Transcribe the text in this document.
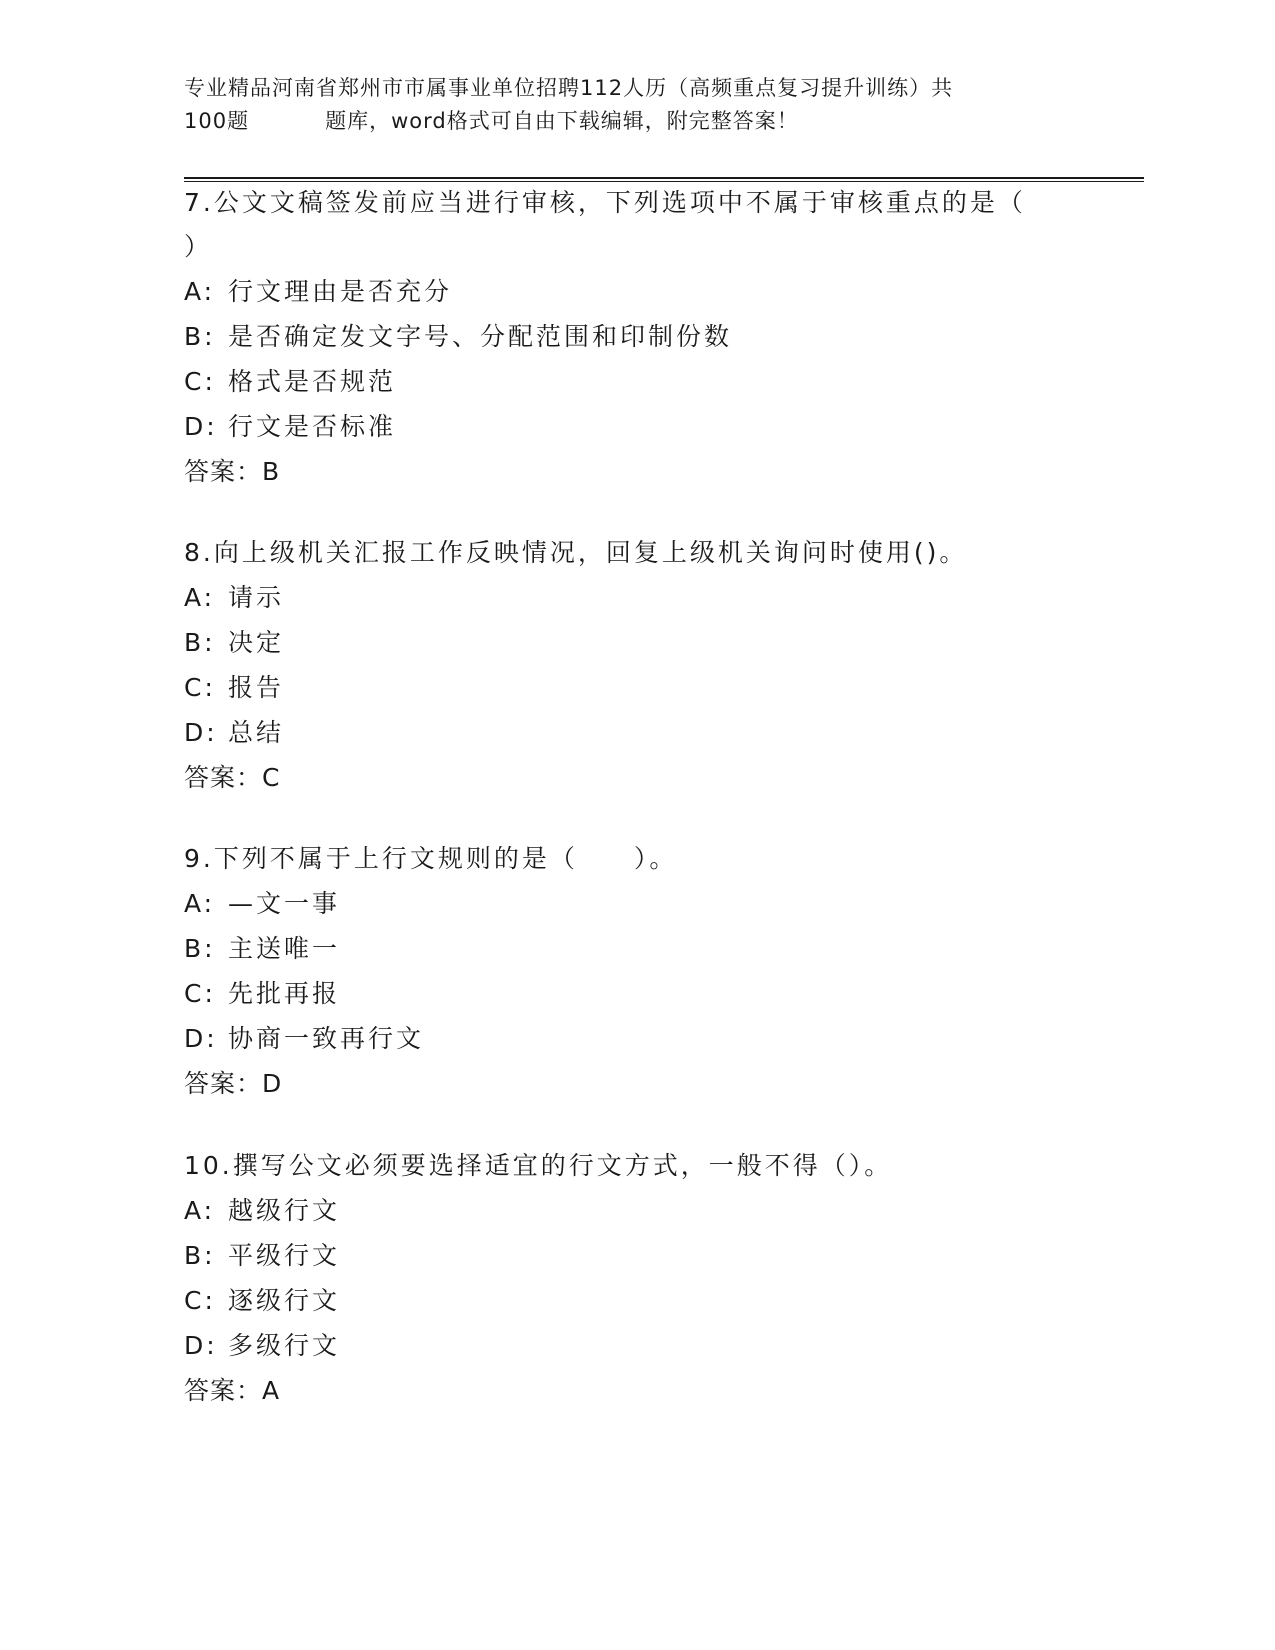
专业精品河南省郑州市市属事业单位招聘112人历（高频重点复习提升训练）共
100题	题库，word格式可自由下载编辑，附完整答案！
7.公文文稿签发前应当进行审核，下列选项中不属于审核重点的是（
）
A: 行文理由是否充分
B: 是否确定发文字号、分配范围和印制份数
C: 格式是否规范
D: 行文是否标准
答案：B
8.向上级机关汇报工作反映情况，回复上级机关询问时使用()。
A: 请示
B: 决定
C: 报告
D: 总结
答案：C
9.下列不属于上行文规则的是（　　）。
A: —文一事
B: 主送唯一
C: 先批再报
D: 协商一致再行文
答案：D
10.撰写公文必须要选择适宜的行文方式，一般不得（）。
A: 越级行文
B: 平级行文
C: 逐级行文
D: 多级行文
答案：A
